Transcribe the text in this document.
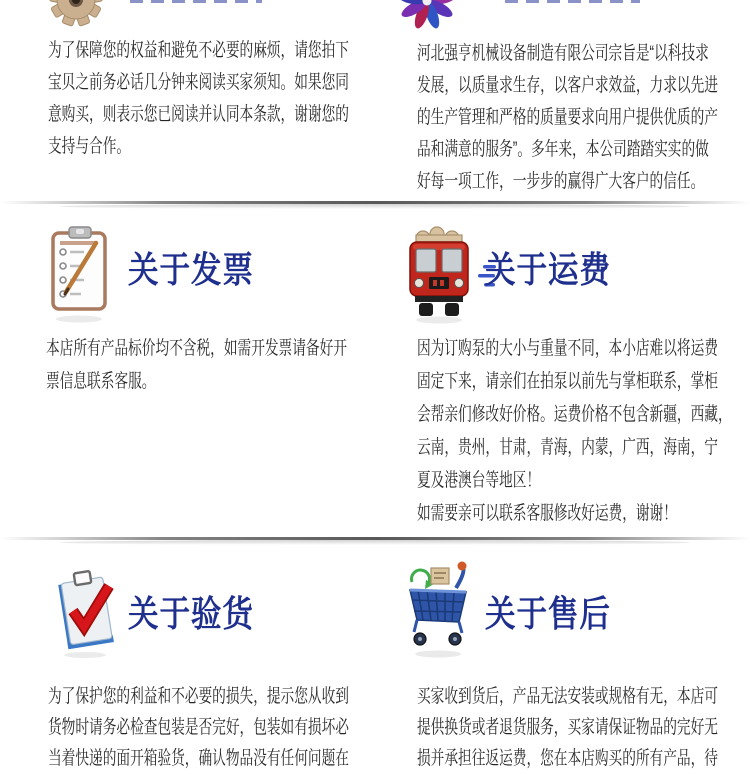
为了保障您的权益和避免不必要的麻烦，请您拍下
宝贝之前务必话几分钟来阅读买家须知。如果您同
意购买，则表示您已阅读并认同本条款，谢谢您的
支持与合作。
河北强亨机械设备制造有限公司宗旨是“以科技求
发展，以质量求生存，以客户求效益，力求以先进
的生产管理和严格的质量要求向用户提供优质的产
品和满意的服务”。多年来，本公司踏踏实实的做
好每一项工作，一步步的赢得广大客户的信任。
关于发票
本店所有产品标价均不含税，如需开发票请备好开
票信息联系客服。
关于运费
因为订购泵的大小与重量不同，本小店难以将运费
固定下来，请亲们在拍泵以前先与掌柜联系，掌柜
会帮亲们修改好价格。运费价格不包含新疆，西藏，
云南，贵州，甘肃，青海，内蒙，广西，海南，宁
夏及港澳台等地区！
如需要亲可以联系客服修改好运费，谢谢！
关于验货
为了保护您的利益和不必要的损失，提示您从收到
货物时请务必检查包装是否完好，包装如有损坏必
当着快递的面开箱验货，确认物品没有任何问题在
关于售后
买家收到货后，产品无法安装或规格有无，本店可
提供换货或者退货服务，买家请保证物品的完好无
损并承担往返运费，您在本店购买的所有产品，待
